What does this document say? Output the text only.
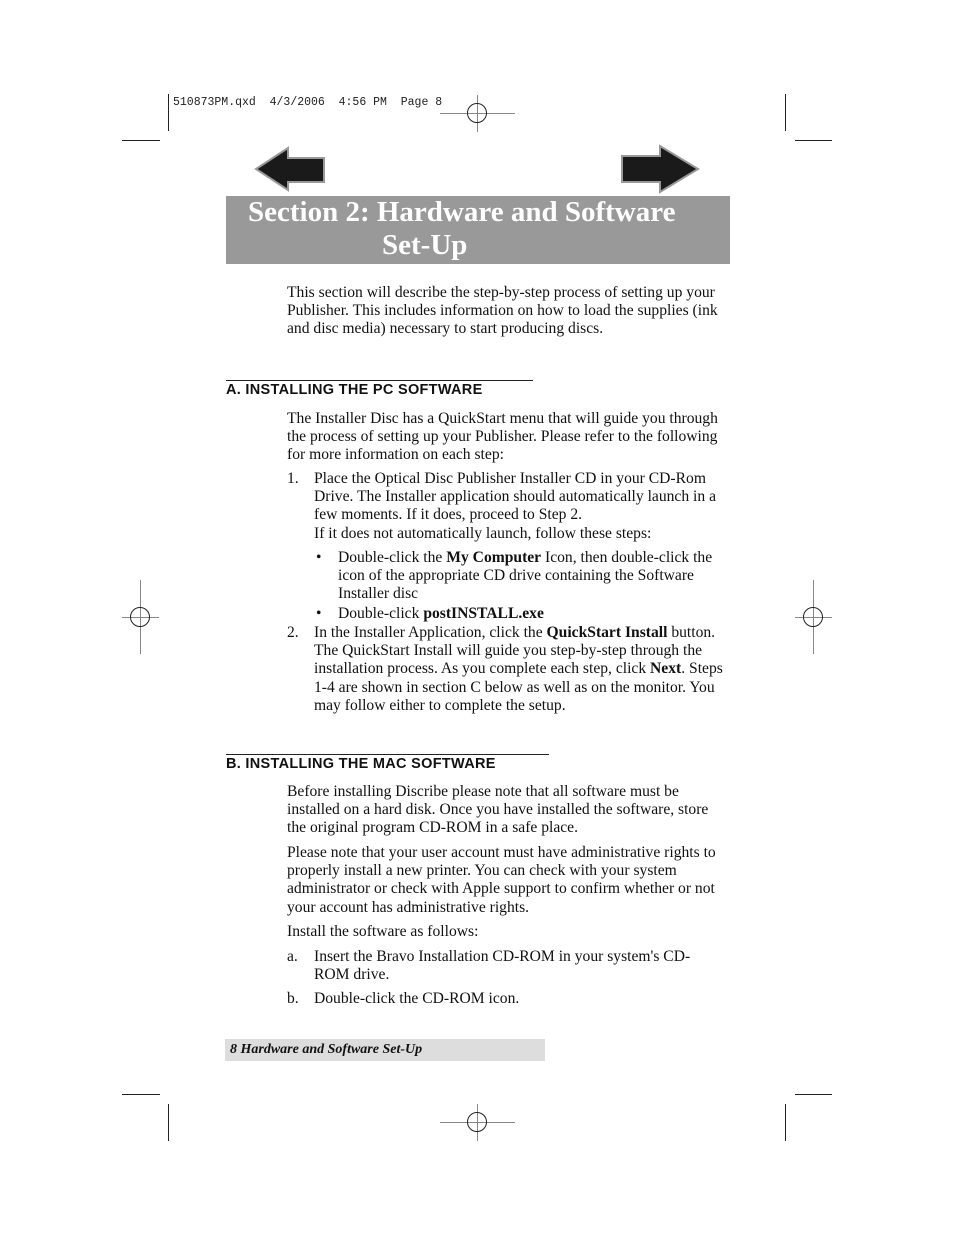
510873PM.qxd  4/3/2006  4:56 PM  Page 8
Section 2: Hardware and Software
Set-Up
This section will describe the step-by-step process of setting up your Publisher. This includes information on how to load the supplies (ink and disc media) necessary to start producing discs.
A. INSTALLING THE PC SOFTWARE
The Installer Disc has a QuickStart menu that will guide you through the process of setting up your Publisher. Please refer to the following for more information on each step:
1. Place the Optical Disc Publisher Installer CD in your CD-Rom Drive. The Installer application should automatically launch in a few moments. If it does, proceed to Step 2.
If it does not automatically launch, follow these steps:
• Double-click the My Computer Icon, then double-click the icon of the appropriate CD drive containing the Software Installer disc
• Double-click postINSTALL.exe
2. In the Installer Application, click the QuickStart Install button. The QuickStart Install will guide you step-by-step through the installation process. As you complete each step, click Next. Steps 1-4 are shown in section C below as well as on the monitor. You may follow either to complete the setup.
B. INSTALLING THE MAC SOFTWARE
Before installing Discribe please note that all software must be installed on a hard disk. Once you have installed the software, store the original program CD-ROM in a safe place.
Please note that your user account must have administrative rights to properly install a new printer. You can check with your system administrator or check with Apple support to confirm whether or not your account has administrative rights.
Install the software as follows:
a. Insert the Bravo Installation CD-ROM in your system's CD-ROM drive.
b. Double-click the CD-ROM icon.
8 Hardware and Software Set-Up
